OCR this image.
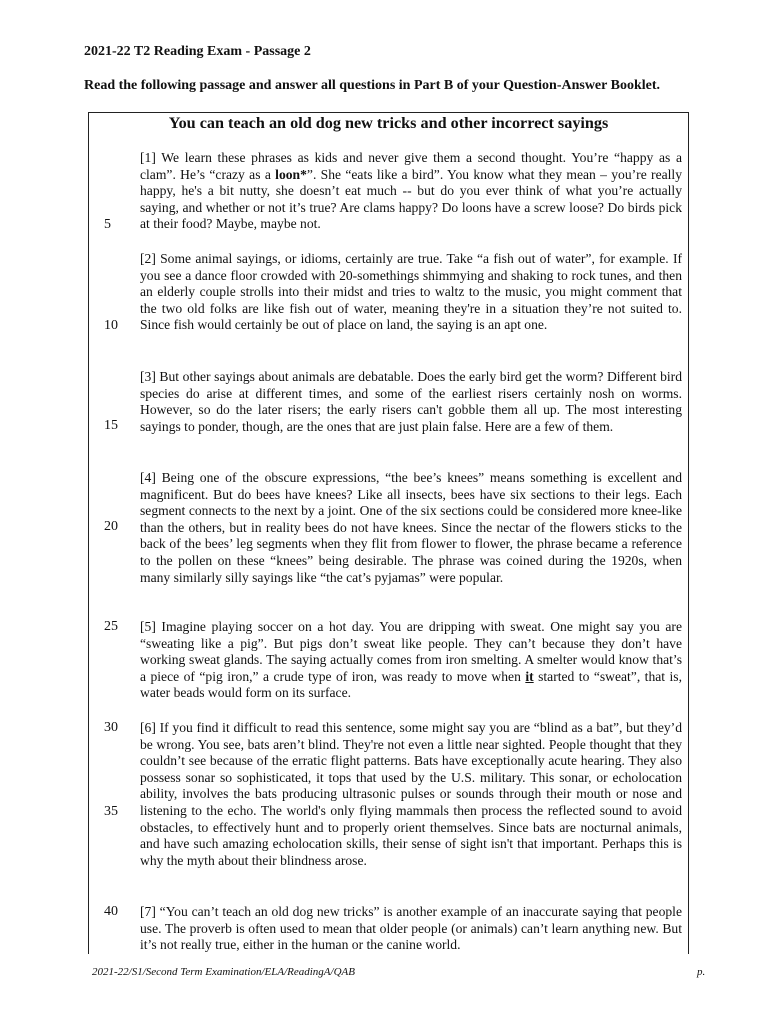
2021-22 T2 Reading Exam - Passage 2

Read the following passage and answer all questions in Part B of your Question-Answer Booklet.

You can teach an old dog new tricks and other incorrect sayings

[1] We learn these phrases as kids and never give them a second thought. You’re “happy as a clam”. He’s “crazy as a loon*”. She “eats like a bird”. You know what they mean – you’re really happy, he's a bit nutty, she doesn’t eat much -- but do you ever think of what you’re actually saying, and whether or not it’s true? Are clams happy? Do loons have a screw loose? Do birds pick at their food? Maybe, maybe not.

[2] Some animal sayings, or idioms, certainly are true. Take “a fish out of water”, for example. If you see a dance floor crowded with 20-somethings shimmying and shaking to rock tunes, and then an elderly couple strolls into their midst and tries to waltz to the music, you might comment that the two old folks are like fish out of water, meaning they're in a situation they’re not suited to. Since fish would certainly be out of place on land, the saying is an apt one.

[3] But other sayings about animals are debatable. Does the early bird get the worm? Different bird species do arise at different times, and some of the earliest risers certainly nosh on worms. However, so do the later risers; the early risers can't gobble them all up. The most interesting sayings to ponder, though, are the ones that are just plain false. Here are a few of them.

[4] Being one of the obscure expressions, “the bee’s knees” means something is excellent and magnificent. But do bees have knees? Like all insects, bees have six sections to their legs. Each segment connects to the next by a joint. One of the six sections could be considered more knee-like than the others, but in reality bees do not have knees. Since the nectar of the flowers sticks to the back of the bees’ leg segments when they flit from flower to flower, the phrase became a reference to the pollen on these “knees” being desirable. The phrase was coined during the 1920s, when many similarly silly sayings like “the cat’s pyjamas” were popular.

[5] Imagine playing soccer on a hot day. You are dripping with sweat. One might say you are “sweating like a pig”. But pigs don’t sweat like people. They can’t because they don’t have working sweat glands. The saying actually comes from iron smelting. A smelter would know that’s a piece of “pig iron,” a crude type of iron, was ready to move when it started to “sweat”, that is, water beads would form on its surface.

[6] If you find it difficult to read this sentence, some might say you are “blind as a bat”, but they’d be wrong. You see, bats aren’t blind. They're not even a little near sighted. People thought that they couldn’t see because of the erratic flight patterns. Bats have exceptionally acute hearing. They also possess sonar so sophisticated, it tops that used by the U.S. military. This sonar, or echolocation ability, involves the bats producing ultrasonic pulses or sounds through their mouth or nose and listening to the echo. The world's only flying mammals then process the reflected sound to avoid obstacles, to effectively hunt and to properly orient themselves. Since bats are nocturnal animals, and have such amazing echolocation skills, their sense of sight isn't that important. Perhaps this is why the myth about their blindness arose.

[7] “You can’t teach an old dog new tricks” is another example of an inaccurate saying that people use. The proverb is often used to mean that older people (or animals) can’t learn anything new. But it’s not really true, either in the human or the canine world.

5
10
15
20
25
30
35
40
2021-22/S1/Second Term Examination/ELA/ReadingA/QAB	p.
